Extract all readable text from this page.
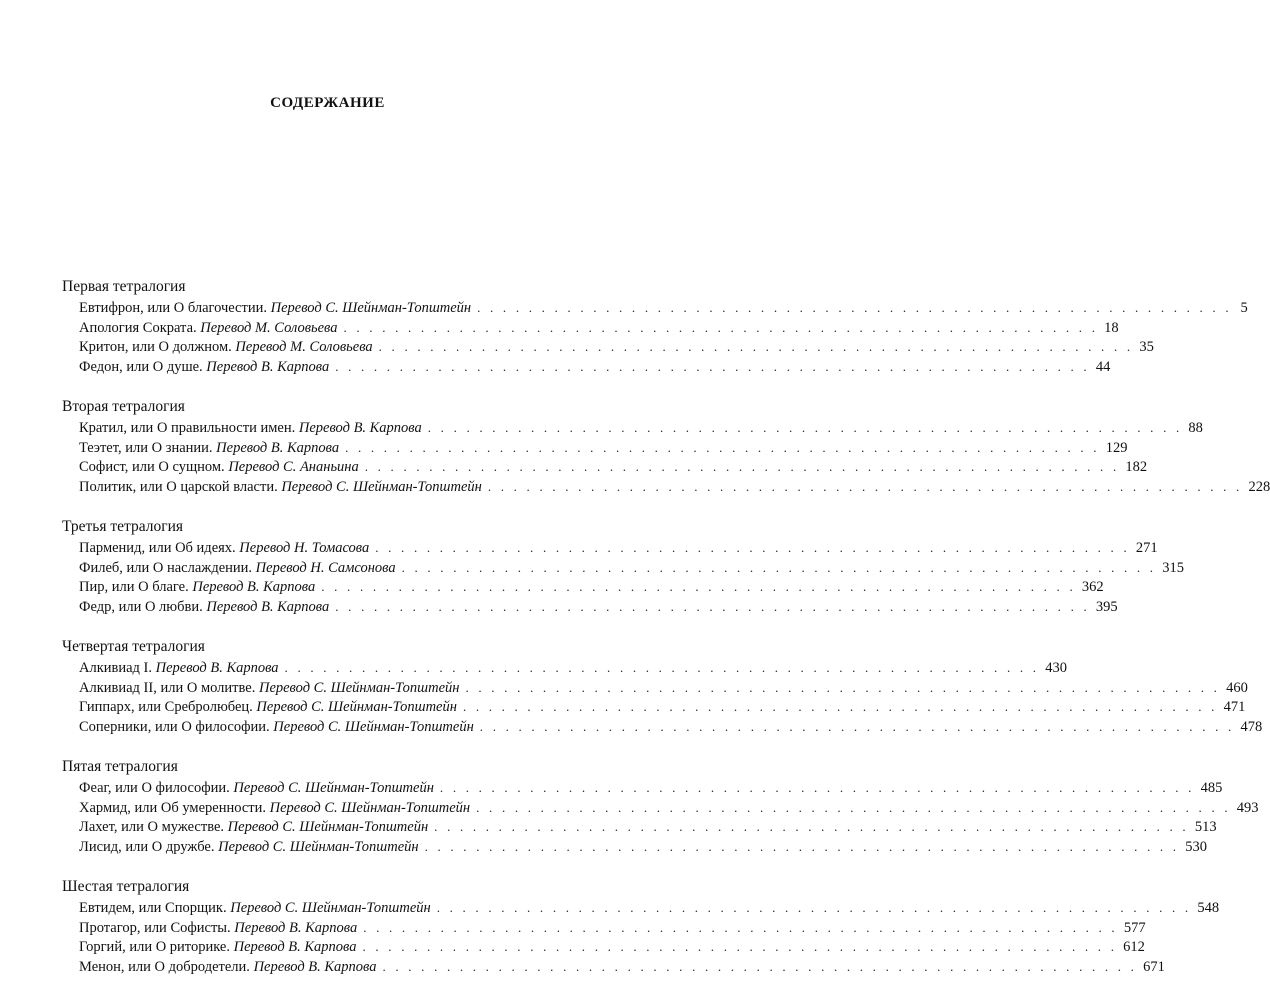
СОДЕРЖАНИЕ
Первая тетралогия
Евтифрон, или О благочестии. Перевод С. Шейнман-Топштейн . . . . . . . . . . . . . . . . . . . . . . . . . . . . . . . . . . . . . . . . . . . . . . . . . . . . . . . . . . . 5
Апология Сократа. Перевод М. Соловьева . . . . . . . . . . . . . . . . . . . . . . . . . . . . . . . . . . . . . . . . . . . . . . . . . . . . . . . . . . . 18
Критон, или О должном. Перевод М. Соловьева . . . . . . . . . . . . . . . . . . . . . . . . . . . . . . . . . . . . . . . . . . . . . . . . . . . . . . . . . . . 35
Федон, или О душе. Перевод В. Карпова . . . . . . . . . . . . . . . . . . . . . . . . . . . . . . . . . . . . . . . . . . . . . . . . . . . . . . . . . . . 44
Вторая тетралогия
Кратил, или О правильности имен. Перевод В. Карпова . . . . . . . . . . . . . . . . . . . . . . . . . . . . . . . . . . . . . . . . . . . . . . . . . . . . . . . . . . . 88
Теэтет, или О знании. Перевод В. Карпова . . . . . . . . . . . . . . . . . . . . . . . . . . . . . . . . . . . . . . . . . . . . . . . . . . . . . . . . . . . 129
Софист, или О сущном. Перевод С. Ананьина . . . . . . . . . . . . . . . . . . . . . . . . . . . . . . . . . . . . . . . . . . . . . . . . . . . . . . . . . . . 182
Политик, или О царской власти. Перевод С. Шейнман-Топштейн . . . . . . . . . . . . . . . . . . . . . . . . . . . . . . . . . . . . . . . . . . . . . . . . . . . . . . . . . . . 228
Третья тетралогия
Парменид, или Об идеях. Перевод Н. Томасова . . . . . . . . . . . . . . . . . . . . . . . . . . . . . . . . . . . . . . . . . . . . . . . . . . . . . . . . . . . 271
Филеб, или О наслаждении. Перевод Н. Самсонова . . . . . . . . . . . . . . . . . . . . . . . . . . . . . . . . . . . . . . . . . . . . . . . . . . . . . . . . . . . 315
Пир, или О благе. Перевод В. Карпова . . . . . . . . . . . . . . . . . . . . . . . . . . . . . . . . . . . . . . . . . . . . . . . . . . . . . . . . . . . 362
Федр, или О любви. Перевод В. Карпова . . . . . . . . . . . . . . . . . . . . . . . . . . . . . . . . . . . . . . . . . . . . . . . . . . . . . . . . . . . 395
Четвертая тетралогия
Алкивиад I. Перевод В. Карпова . . . . . . . . . . . . . . . . . . . . . . . . . . . . . . . . . . . . . . . . . . . . . . . . . . . . . . . . . . . 430
Алкивиад II, или О молитве. Перевод С. Шейнман-Топштейн . . . . . . . . . . . . . . . . . . . . . . . . . . . . . . . . . . . . . . . . . . . . . . . . . . . . . . . . . . . 460
Гиппарх, или Сребролюбец. Перевод С. Шейнман-Топштейн . . . . . . . . . . . . . . . . . . . . . . . . . . . . . . . . . . . . . . . . . . . . . . . . . . . . . . . . . . . 471
Соперники, или О философии. Перевод С. Шейнман-Топштейн . . . . . . . . . . . . . . . . . . . . . . . . . . . . . . . . . . . . . . . . . . . . . . . . . . . . . . . . . . . 478
Пятая тетралогия
Феаг, или О философии. Перевод С. Шейнман-Топштейн . . . . . . . . . . . . . . . . . . . . . . . . . . . . . . . . . . . . . . . . . . . . . . . . . . . . . . . . . . . 485
Хармид, или Об умеренности. Перевод С. Шейнман-Топштейн . . . . . . . . . . . . . . . . . . . . . . . . . . . . . . . . . . . . . . . . . . . . . . . . . . . . . . . . . . . 493
Лахет, или О мужестве. Перевод С. Шейнман-Топштейн . . . . . . . . . . . . . . . . . . . . . . . . . . . . . . . . . . . . . . . . . . . . . . . . . . . . . . . . . . . 513
Лисид, или О дружбе. Перевод С. Шейнман-Топштейн . . . . . . . . . . . . . . . . . . . . . . . . . . . . . . . . . . . . . . . . . . . . . . . . . . . . . . . . . . . 530
Шестая тетралогия
Евтидем, или Спорщик. Перевод С. Шейнман-Топштейн . . . . . . . . . . . . . . . . . . . . . . . . . . . . . . . . . . . . . . . . . . . . . . . . . . . . . . . . . . . 548
Протагор, или Софисты. Перевод В. Карпова . . . . . . . . . . . . . . . . . . . . . . . . . . . . . . . . . . . . . . . . . . . . . . . . . . . . . . . . . . . 577
Горгий, или О риторике. Перевод В. Карпова . . . . . . . . . . . . . . . . . . . . . . . . . . . . . . . . . . . . . . . . . . . . . . . . . . . . . . . . . . . 612
Менон, или О добродетели. Перевод В. Карпова . . . . . . . . . . . . . . . . . . . . . . . . . . . . . . . . . . . . . . . . . . . . . . . . . . . . . . . . . . . 671
